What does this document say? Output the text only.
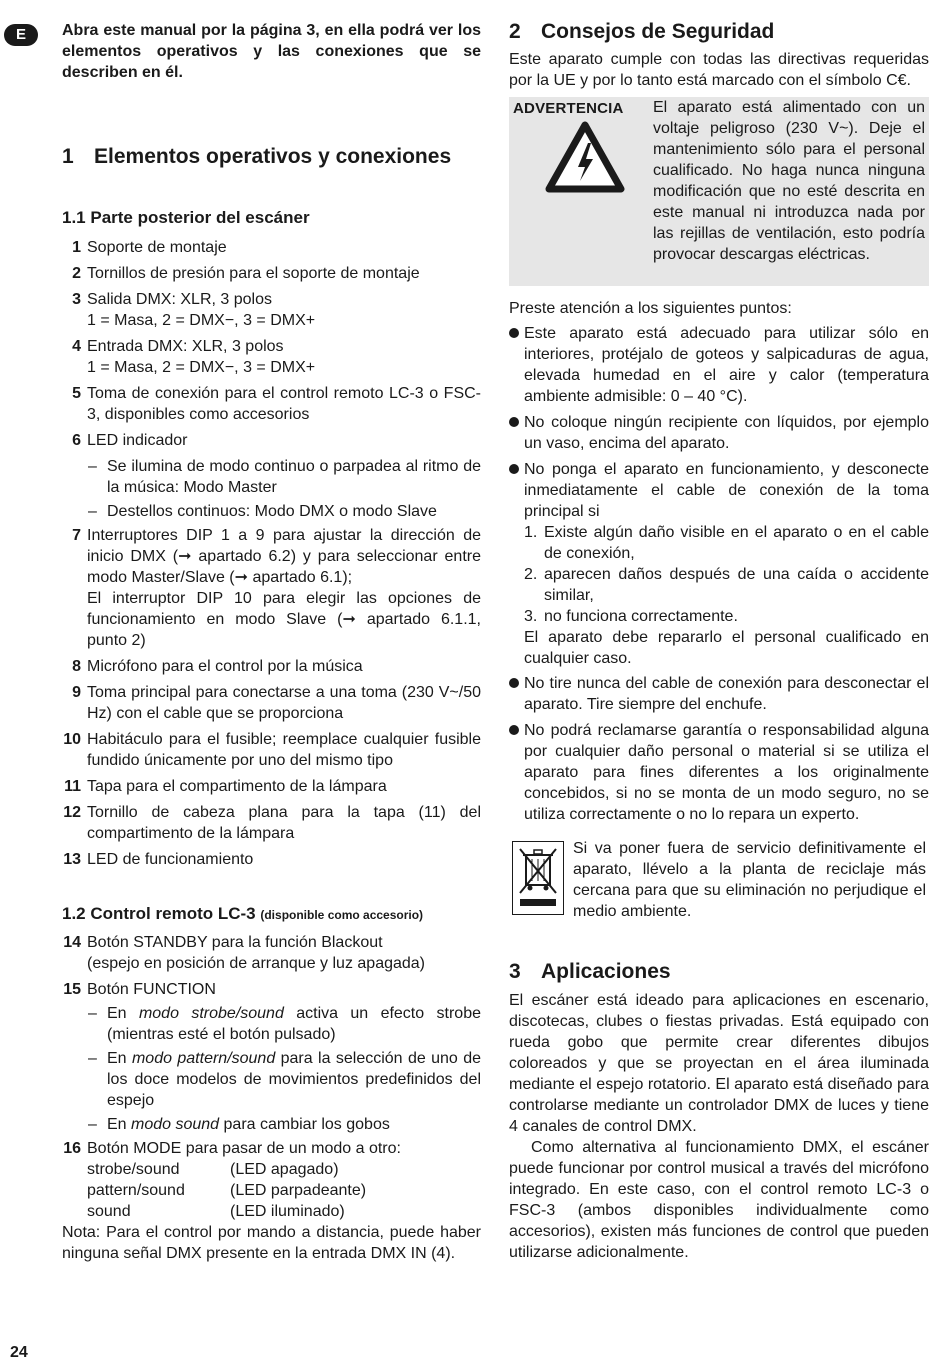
E
24

Abra este manual por la página 3, en ella podrá ver los elementos operativos y las conexiones que se describen en él.

1 Elementos operativos y conexiones
1.1 Parte posterior del escáner
1 Soporte de montaje
2 Tornillos de presión para el soporte de montaje
3 Salida DMX: XLR, 3 polos
1 = Masa, 2 = DMX−, 3 = DMX+
4 Entrada DMX: XLR, 3 polos
1 = Masa, 2 = DMX−, 3 = DMX+
5 Toma de conexión para el control remoto LC-3 o FSC-3, disponibles como accesorios
6 LED indicador
– Se ilumina de modo continuo o parpadea al ritmo de la música: Modo Master
– Destellos continuos: Modo DMX o modo Slave
7 Interruptores DIP 1 a 9 para ajustar la dirección de inicio DMX (➞ apartado 6.2) y para seleccionar entre modo Master/Slave (➞ apartado 6.1);
El interruptor DIP 10 para elegir las opciones de funcionamiento en modo Slave (➞ apartado 6.1.1, punto 2)
8 Micrófono para el control por la música
9 Toma principal para conectarse a una toma (230 V~/50 Hz) con el cable que se proporciona
10 Habitáculo para el fusible; reemplace cualquier fusible fundido únicamente por uno del mismo tipo
11 Tapa para el compartimento de la lámpara
12 Tornillo de cabeza plana para la tapa (11) del compartimento de la lámpara
13 LED de funcionamiento
1.2 Control remoto LC-3 (disponible como accesorio)
14 Botón STANDBY para la función Blackout
(espejo en posición de arranque y luz apagada)
15 Botón FUNCTION
– En modo strobe/sound activa un efecto strobe (mientras esté el botón pulsado)
– En modo pattern/sound para la selección de uno de los doce modelos de movimientos predefinidos del espejo
– En modo sound para cambiar los gobos
16 Botón MODE para pasar de un modo a otro:
strobe/sound	(LED apagado)
pattern/sound	(LED parpadeante)
sound	(LED iluminado)

Nota: Para el control por mando a distancia, puede haber ninguna señal DMX presente en la entrada DMX IN (4).

2 Consejos de Seguridad

Este aparato cumple con todas las directivas requeridas por la UE y por lo tanto está marcado con el símbolo C€.

ADVERTENCIA El aparato está alimentado con un voltaje peligroso (230 V~). Deje el mantenimiento sólo para el personal cualificado. No haga nunca ninguna modificación que no esté descrita en este manual ni introduzca nada por las rejillas de ventilación, esto podría provocar descargas eléctricas.

Preste atención a los siguientes puntos:

Este aparato está adecuado para utilizar sólo en interiores, protéjalo de goteos y salpicaduras de agua, elevada humedad en el aire y calor (temperatura ambiente admisible: 0 – 40 °C).
No coloque ningún recipiente con líquidos, por ejemplo un vaso, encima del aparato.
No ponga el aparato en funcionamiento, y desconecte inmediatamente el cable de conexión de la toma principal si
1. Existe algún daño visible en el aparato o en el cable de conexión,
2. aparecen daños después de una caída o accidente similar,
3. no funciona correctamente.
El aparato debe repararlo el personal cualificado en cualquier caso.
No tire nunca del cable de conexión para desconectar el aparato. Tire siempre del enchufe.
No podrá reclamarse garantía o responsabilidad alguna por cualquier daño personal o material si se utiliza el aparato para fines diferentes a los originalmente concebidos, si no se monta de un modo seguro, no se utiliza correctamente o no lo repara un experto.
Si va poner fuera de servicio definitivamente el aparato, llévelo a la planta de reciclaje más cercana para que su eliminación no perjudique el medio ambiente.
3 Aplicaciones

El escáner está ideado para aplicaciones en escenario, discotecas, clubes o fiestas privadas. Está equipado con rueda gobo que permite crear diferentes dibujos coloreados y que se proyectan en el área iluminada mediante el espejo rotatorio. El aparato está diseñado para controlarse mediante un controlador DMX de luces y tiene 4 canales de control DMX.

Como alternativa al funcionamiento DMX, el escáner puede funcionar por control musical a través del micrófono integrado. En este caso, con el control remoto LC-3 o FSC-3 (ambos disponibles individualmente como accesorios), existen más funciones de control que pueden utilizarse adicionalmente.
